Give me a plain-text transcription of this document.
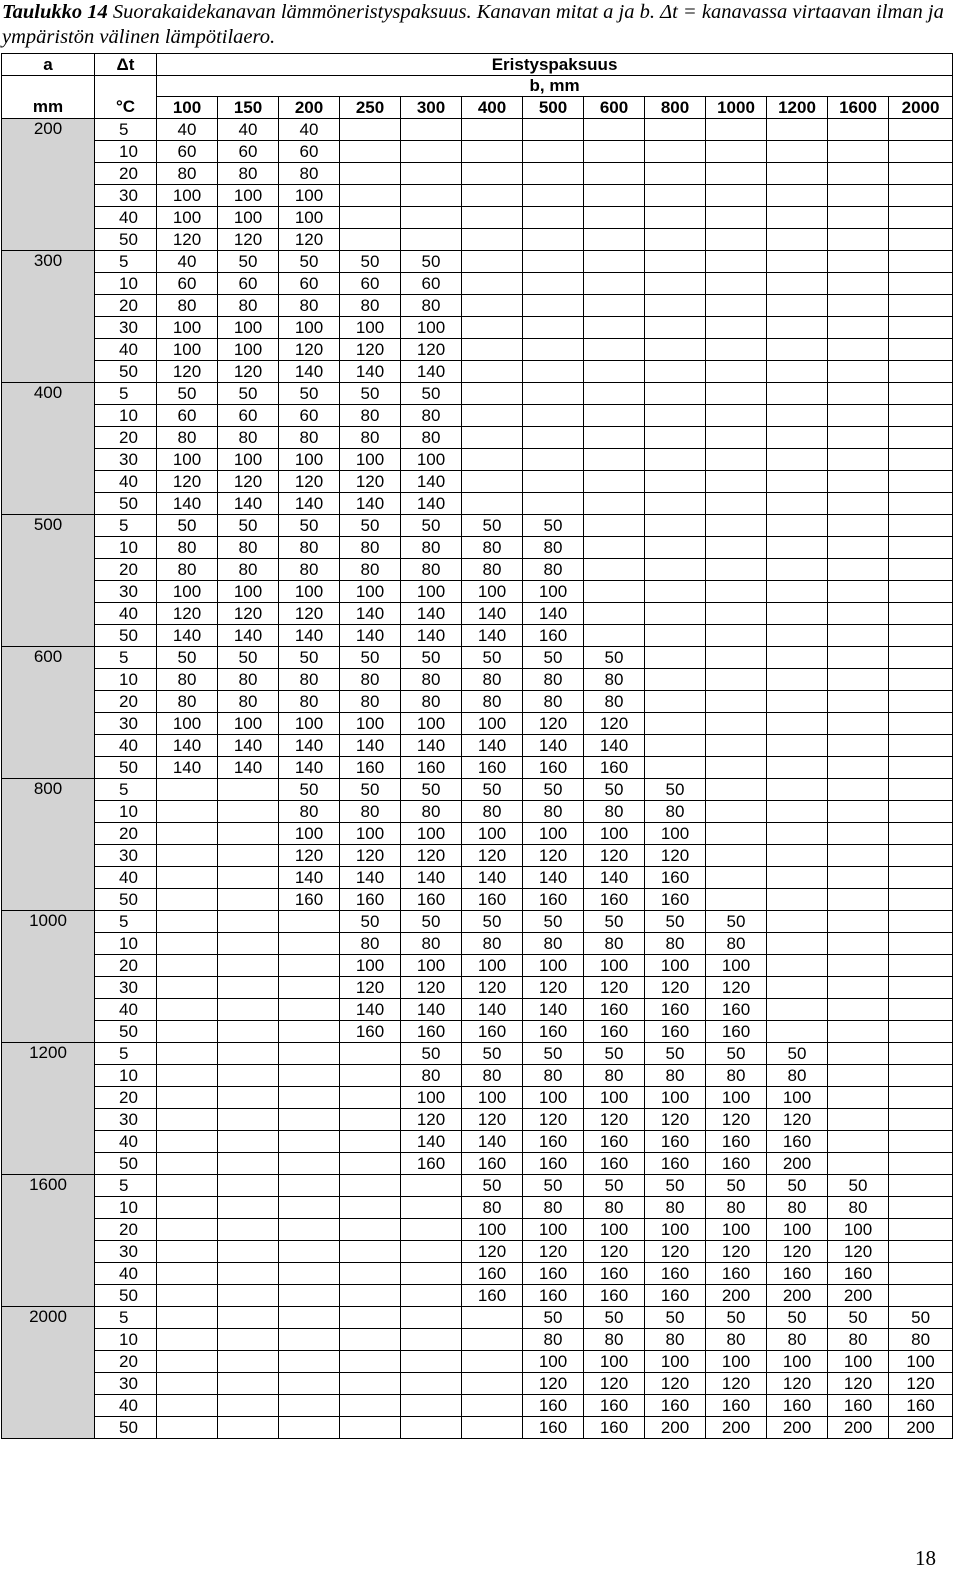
Taulukko 14 Suorakaidekanavan lämmöneristyspaksuus. Kanavan mitat a ja b. Δt = kanavassa virtaavan ilman ja ympäristön välinen lämpötilaero.
a	Δt	Eristyspaksuus												
		b, mm												
mm	°C	100	150	200	250	300	400	500	600	800	1000	1200	1600	2000
200	5	40	40	40										
	10	60	60	60										
	20	80	80	80										
	30	100	100	100										
	40	100	100	100										
	50	120	120	120										
300	5	40	50	50	50	50								
	10	60	60	60	60	60								
	20	80	80	80	80	80								
	30	100	100	100	100	100								
	40	100	100	120	120	120								
	50	120	120	140	140	140								
400	5	50	50	50	50	50								
	10	60	60	60	80	80								
	20	80	80	80	80	80								
	30	100	100	100	100	100								
	40	120	120	120	120	140								
	50	140	140	140	140	140								
500	5	50	50	50	50	50	50	50						
	10	80	80	80	80	80	80	80						
	20	80	80	80	80	80	80	80						
	30	100	100	100	100	100	100	100						
	40	120	120	120	140	140	140	140						
	50	140	140	140	140	140	140	160						
600	5	50	50	50	50	50	50	50	50					
	10	80	80	80	80	80	80	80	80					
	20	80	80	80	80	80	80	80	80					
	30	100	100	100	100	100	100	120	120					
	40	140	140	140	140	140	140	140	140					
	50	140	140	140	160	160	160	160	160					
800	5			50	50	50	50	50	50	50				
	10			80	80	80	80	80	80	80				
	20			100	100	100	100	100	100	100				
	30			120	120	120	120	120	120	120				
	40			140	140	140	140	140	140	160				
	50			160	160	160	160	160	160	160				
1000	5				50	50	50	50	50	50	50			
	10				80	80	80	80	80	80	80			
	20				100	100	100	100	100	100	100			
	30				120	120	120	120	120	120	120			
	40				140	140	140	140	160	160	160			
	50				160	160	160	160	160	160	160			
1200	5					50	50	50	50	50	50	50		
	10					80	80	80	80	80	80	80		
	20					100	100	100	100	100	100	100		
	30					120	120	120	120	120	120	120		
	40					140	140	160	160	160	160	160		
	50					160	160	160	160	160	160	200		
1600	5						50	50	50	50	50	50	50	
	10						80	80	80	80	80	80	80	
	20						100	100	100	100	100	100	100	
	30						120	120	120	120	120	120	120	
	40						160	160	160	160	160	160	160	
	50						160	160	160	160	200	200	200	
2000	5							50	50	50	50	50	50	50
	10							80	80	80	80	80	80	80
	20							100	100	100	100	100	100	100
	30							120	120	120	120	120	120	120
	40							160	160	160	160	160	160	160
	50							160	160	200	200	200	200	200
18
